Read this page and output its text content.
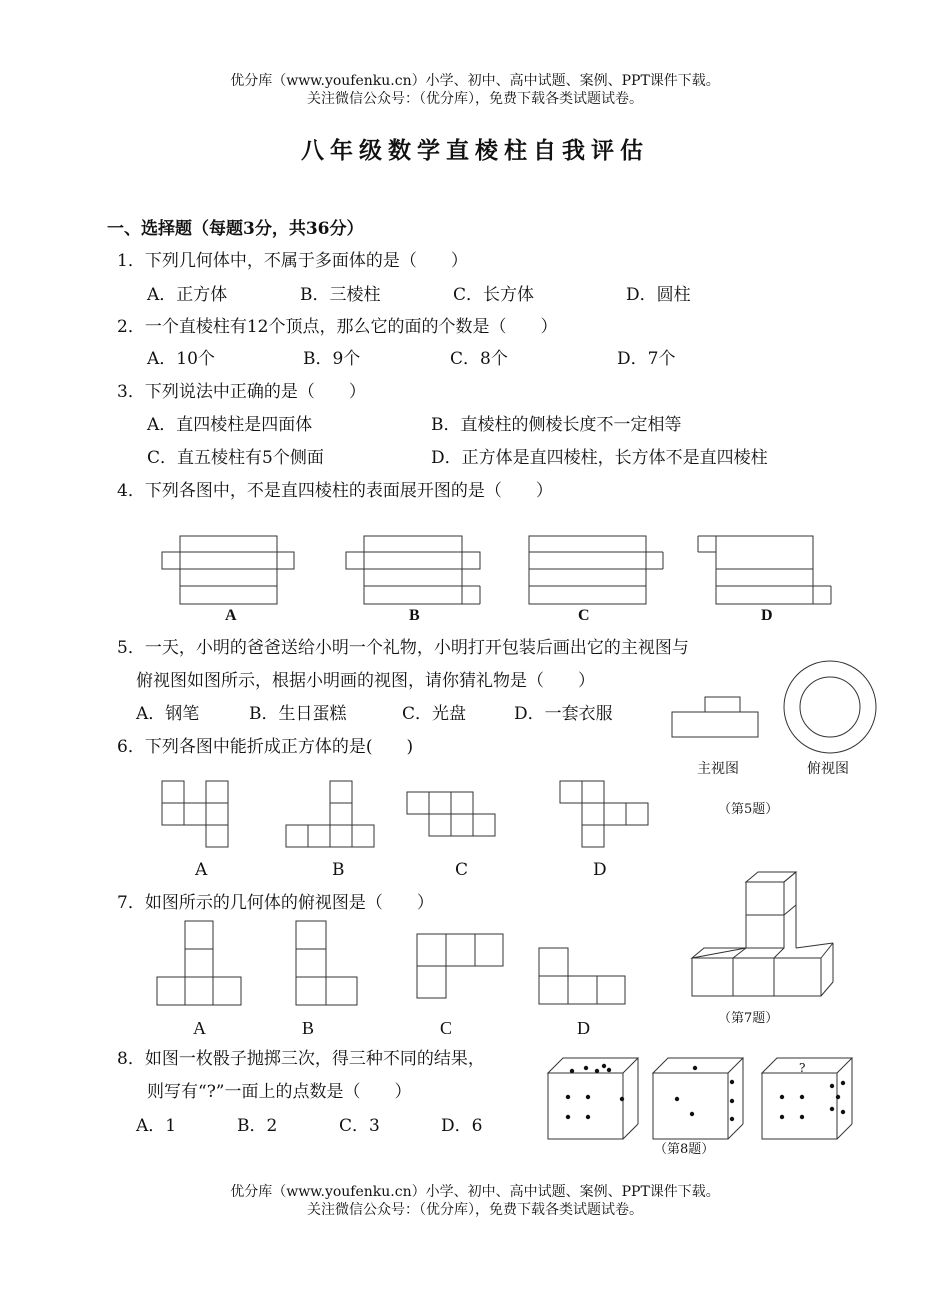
优分库（www.youfenku.cn）小学、初中、高中试题、案例、PPT课件下载。
关注微信公众号：（优分库），免费下载各类试题试卷。
八年级数学直棱柱自我评估
一、选择题（每题3分，共36分）
1．下列几何体中，不属于多面体的是（　　）
A．正方体	B．三棱柱	C．长方体	D．圆柱
2．一个直棱柱有12个顶点，那么它的面的个数是（　　）
A．10个	B．9个	C．8个	D．7个
3．下列说法中正确的是（　　）
A．直四棱柱是四面体	B．直棱柱的侧棱长度不一定相等
C．直五棱柱有5个侧面	D．正方体是直四棱柱，长方体不是直四棱柱
4．下列各图中，不是直四棱柱的表面展开图的是（　　）
A	B	C	D
5．一天，小明的爸爸送给小明一个礼物，小明打开包装后画出它的主视图与
俯视图如图所示，根据小明画的视图，请你猜礼物是（　　）
A．钢笔	B．生日蛋糕	C．光盘	D．一套衣服
主视图	俯视图
（第5题）
6．下列各图中能折成正方体的是(　　)
A	B	C	D
7．如图所示的几何体的俯视图是（　　）
A	B	C	D	（第7题）
8．如图一枚骰子抛掷三次，得三种不同的结果，
则写有“?”一面上的点数是（　　）
A．1	B．2	C．3	D．6
?
（第8题）
优分库（www.youfenku.cn）小学、初中、高中试题、案例、PPT课件下载。
关注微信公众号：（优分库），免费下载各类试题试卷。
